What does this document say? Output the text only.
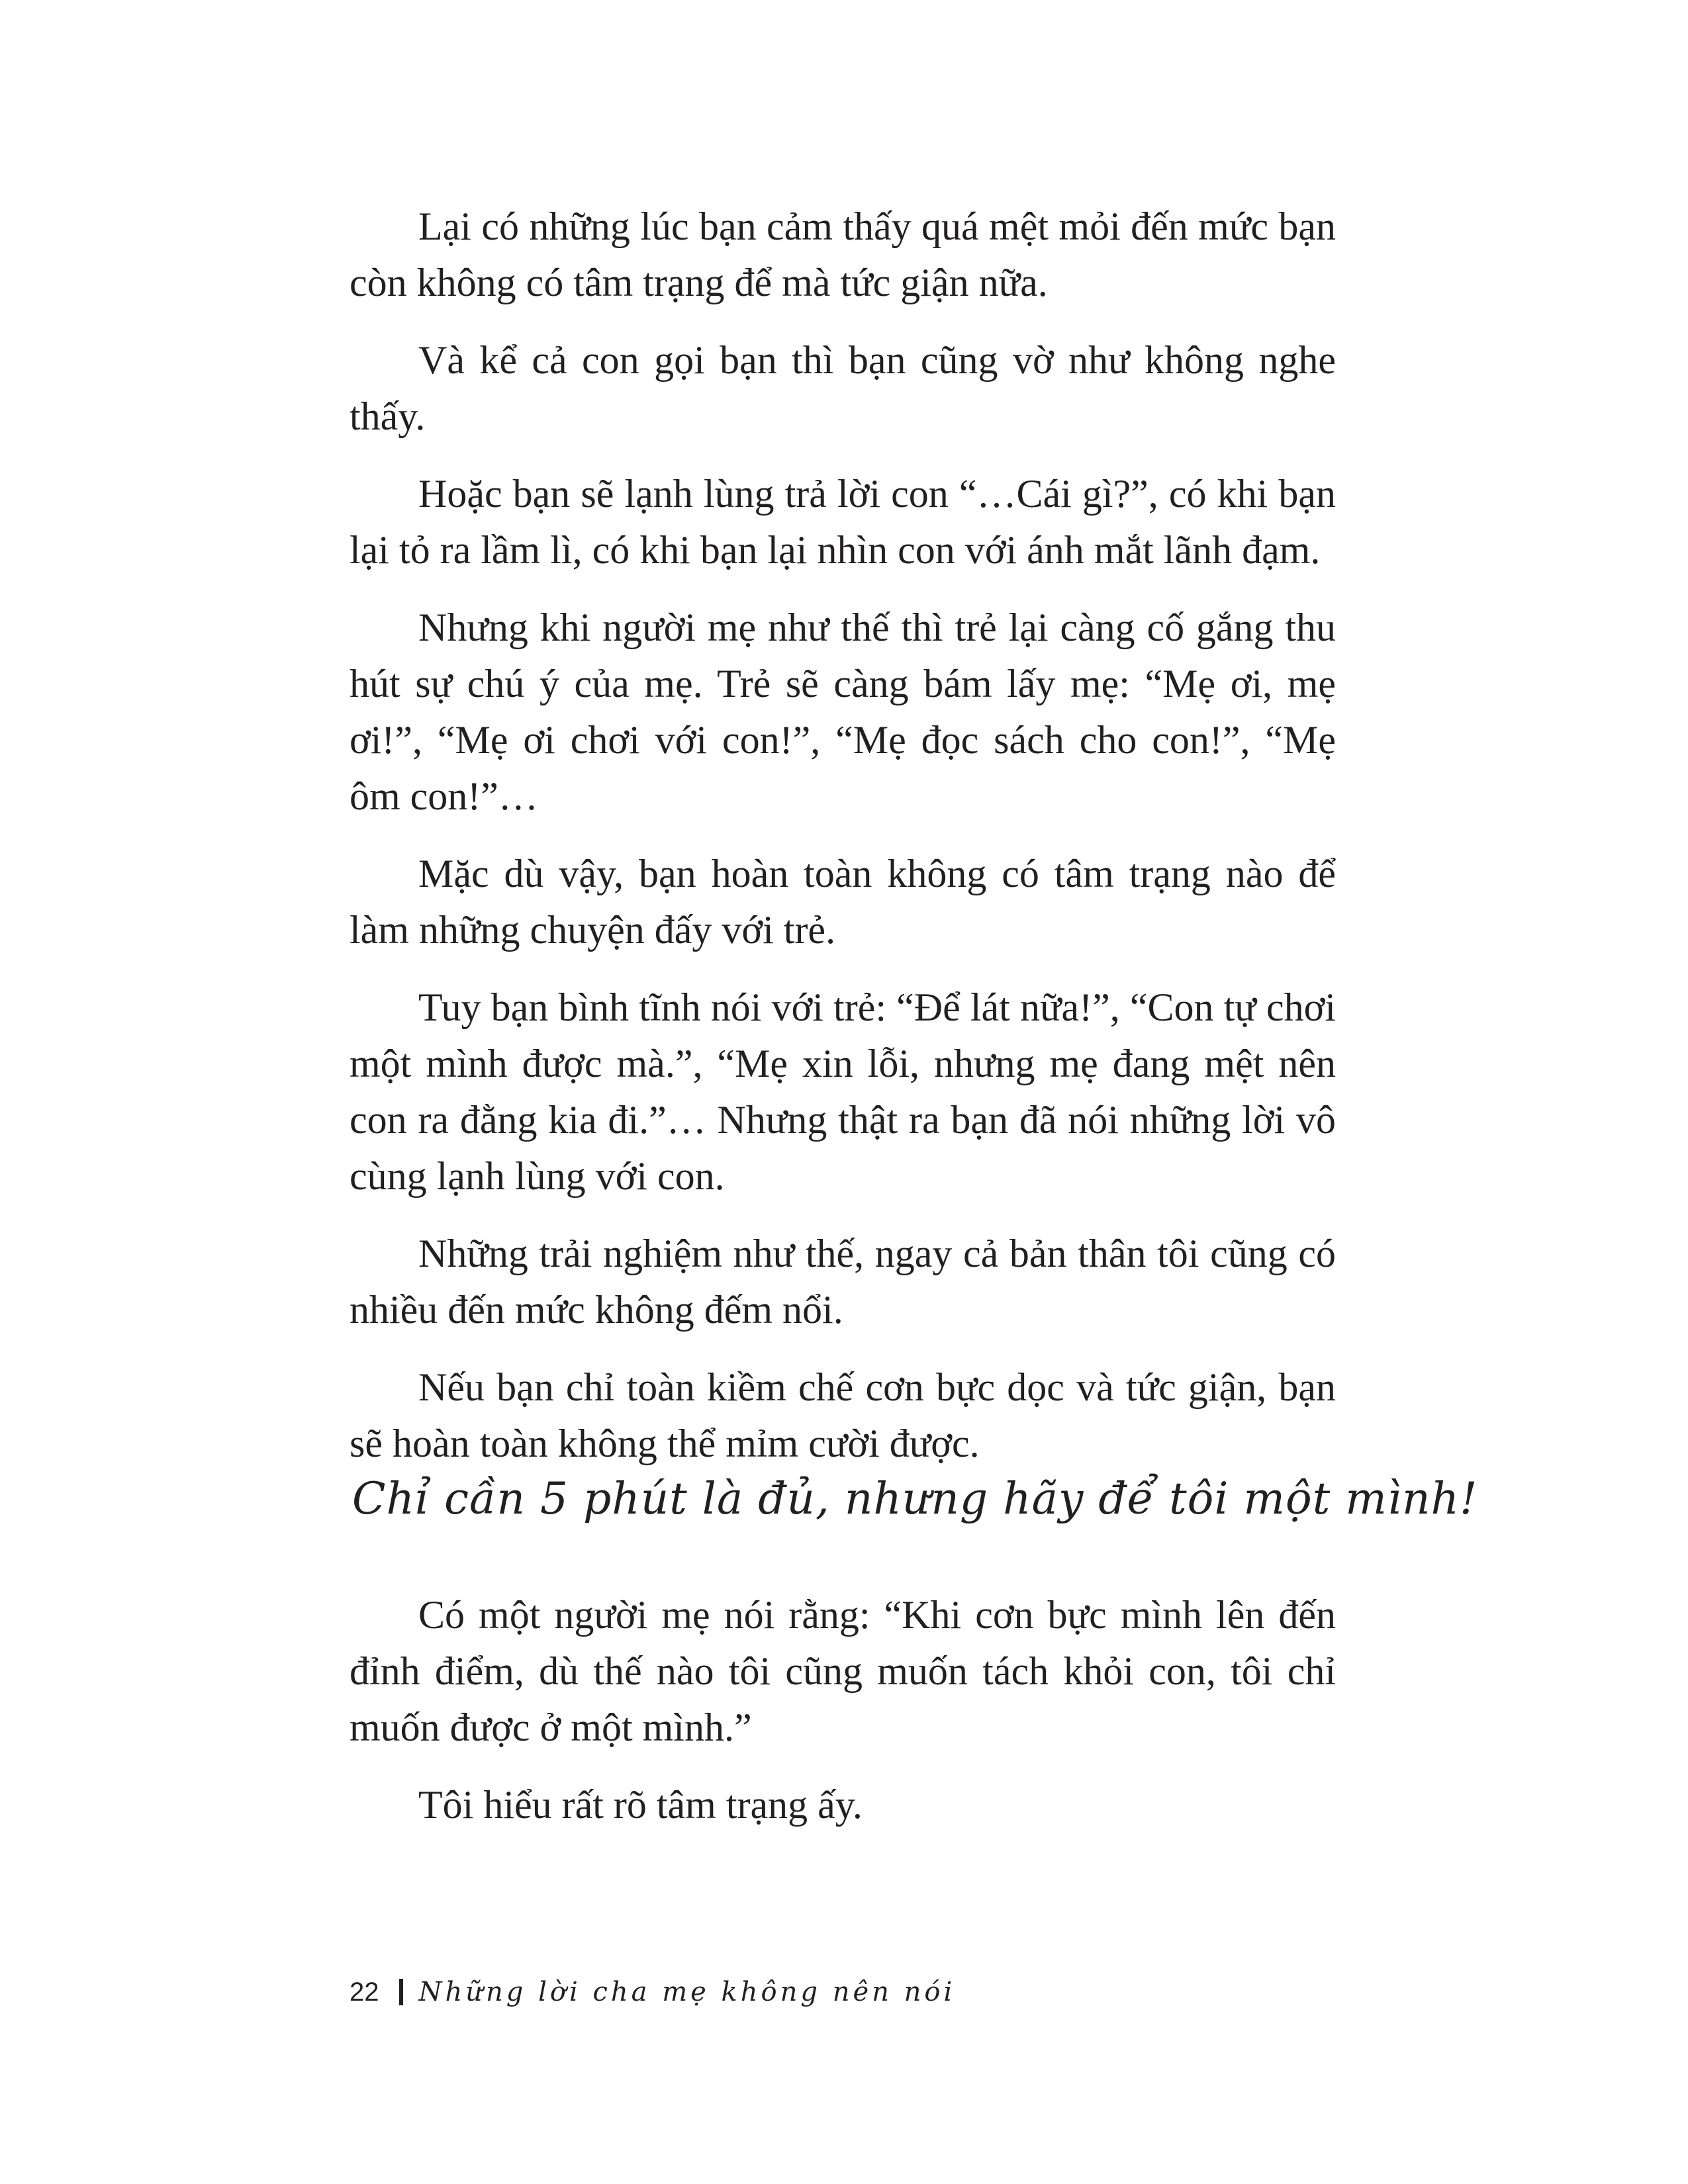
Lại có những lúc bạn cảm thấy quá mệt mỏi đến mức bạn còn không có tâm trạng để mà tức giận nữa.

Và kể cả con gọi bạn thì bạn cũng vờ như không nghe thấy.

Hoặc bạn sẽ lạnh lùng trả lời con “…Cái gì?”, có khi bạn lại tỏ ra lầm lì, có khi bạn lại nhìn con với ánh mắt lãnh đạm.

Nhưng khi người mẹ như thế thì trẻ lại càng cố gắng thu hút sự chú ý của mẹ. Trẻ sẽ càng bám lấy mẹ: “Mẹ ơi, mẹ ơi!”, “Mẹ ơi chơi với con!”, “Mẹ đọc sách cho con!”, “Mẹ ôm con!”…

Mặc dù vậy, bạn hoàn toàn không có tâm trạng nào để làm những chuyện đấy với trẻ.

Tuy bạn bình tĩnh nói với trẻ: “Để lát nữa!”, “Con tự chơi một mình được mà.”, “Mẹ xin lỗi, nhưng mẹ đang mệt nên con ra đằng kia đi.”… Nhưng thật ra bạn đã nói những lời vô cùng lạnh lùng với con.

Những trải nghiệm như thế, ngay cả bản thân tôi cũng có nhiều đến mức không đếm nổi.

Nếu bạn chỉ toàn kiềm chế cơn bực dọc và tức giận, bạn sẽ hoàn toàn không thể mỉm cười được.

Chỉ cần 5 phút là đủ, nhưng hãy để tôi một mình!

Có một người mẹ nói rằng: “Khi cơn bực mình lên đến đỉnh điểm, dù thế nào tôi cũng muốn tách khỏi con, tôi chỉ muốn được ở một mình.”

Tôi hiểu rất rõ tâm trạng ấy.

22 Những lời cha mẹ không nên nói
